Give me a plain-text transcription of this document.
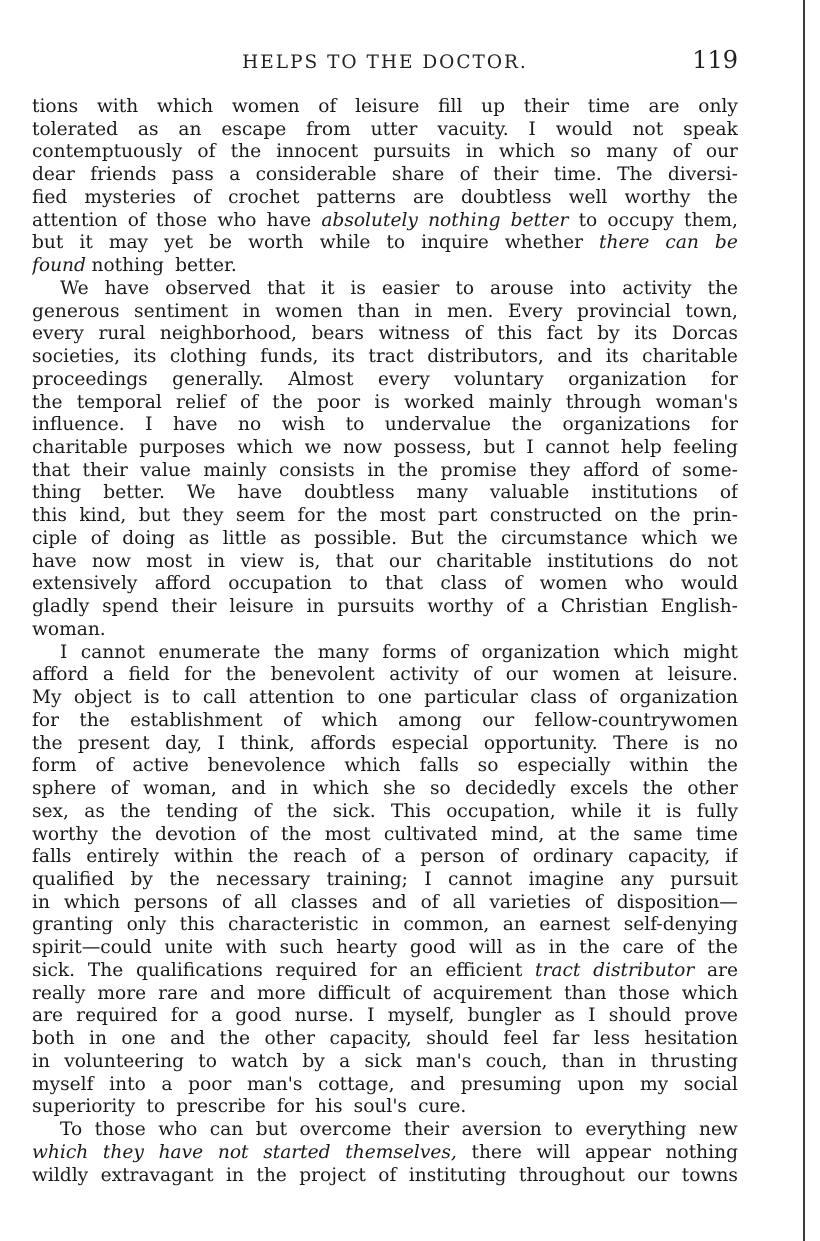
HELPS TO THE DOCTOR.	119
tions with which women of leisure fill up their time are only
tolerated as an escape from utter vacuity. I would not speak
contemptuously of the innocent pursuits in which so many of our
dear friends pass a considerable share of their time. The diversi-
fied mysteries of crochet patterns are doubtless well worthy the
attention of those who have absolutely nothing better to occupy them,
but it may yet be worth while to inquire whether there can be
found nothing better.
We have observed that it is easier to arouse into activity the
generous sentiment in women than in men. Every provincial town,
every rural neighborhood, bears witness of this fact by its Dorcas
societies, its clothing funds, its tract distributors, and its charitable
proceedings generally. Almost every voluntary organization for
the temporal relief of the poor is worked mainly through woman's
influence. I have no wish to undervalue the organizations for
charitable purposes which we now possess, but I cannot help feeling
that their value mainly consists in the promise they afford of some-
thing better. We have doubtless many valuable institutions of
this kind, but they seem for the most part constructed on the prin-
ciple of doing as little as possible. But the circumstance which we
have now most in view is, that our charitable institutions do not
extensively afford occupation to that class of women who would
gladly spend their leisure in pursuits worthy of a Christian English-
woman.
I cannot enumerate the many forms of organization which might
afford a field for the benevolent activity of our women at leisure.
My object is to call attention to one particular class of organization
for the establishment of which among our fellow-countrywomen
the present day, I think, affords especial opportunity. There is no
form of active benevolence which falls so especially within the
sphere of woman, and in which she so decidedly excels the other
sex, as the tending of the sick. This occupation, while it is fully
worthy the devotion of the most cultivated mind, at the same time
falls entirely within the reach of a person of ordinary capacity, if
qualified by the necessary training; I cannot imagine any pursuit
in which persons of all classes and of all varieties of disposition—
granting only this characteristic in common, an earnest self-denying
spirit—could unite with such hearty good will as in the care of the
sick. The qualifications required for an efficient tract distributor are
really more rare and more difficult of acquirement than those which
are required for a good nurse. I myself, bungler as I should prove
both in one and the other capacity, should feel far less hesitation
in volunteering to watch by a sick man's couch, than in thrusting
myself into a poor man's cottage, and presuming upon my social
superiority to prescribe for his soul's cure.
To those who can but overcome their aversion to everything new
which they have not started themselves, there will appear nothing
wildly extravagant in the project of instituting throughout our towns
